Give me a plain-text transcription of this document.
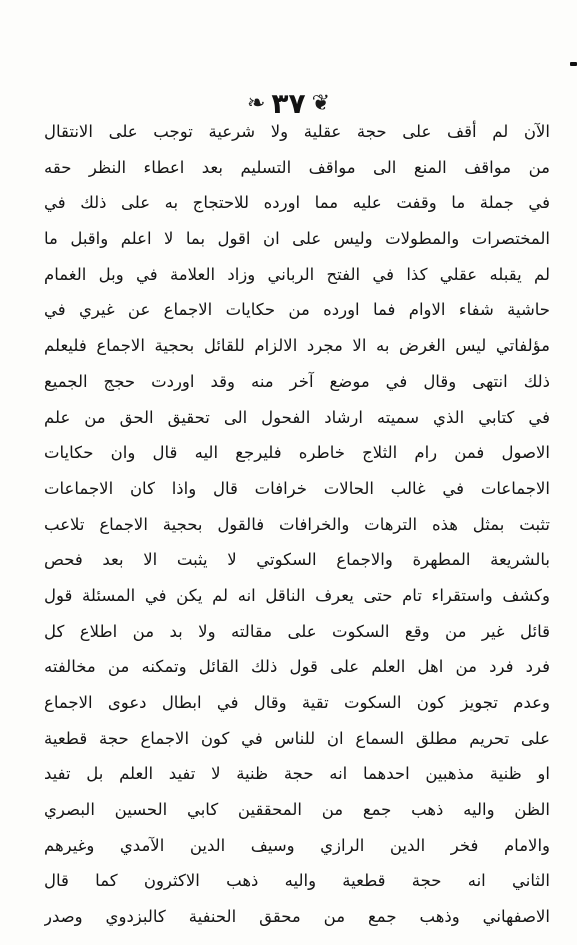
❦
٣٧
❧
الآن لم أقف على حجة عقلية ولا شرعية توجب على الانتقال
من مواقف المنع الى مواقف التسليم بعد اعطاء النظر حقه
في جملة ما وقفت عليه مما اورده للاحتجاج به على ذلك في
المختصرات والمطولات وليس على ان اقول بما لا اعلم واقبل ما
لم يقبله عقلي كذا في الفتح الرباني وزاد العلامة في وبل الغمام
حاشية شفاء الاوام فما اورده من حكايات الاجماع عن غيري في
مؤلفاتي ليس الغرض به الا مجرد الالزام للقائل بحجية الاجماع فليعلم
ذلك انتهى وقال في موضع آخر منه وقد اوردت حجج الجميع
في كتابي الذي سميته ارشاد الفحول الى تحقيق الحق من علم
الاصول فمن رام الثلاج خاطره فليرجع اليه قال وان حكايات
الاجماعات في غالب الحالات خرافات قال واذا كان الاجماعات
تثبت بمثل هذه الترهات والخرافات فالقول بحجية الاجماع تلاعب
بالشريعة المطهرة والاجماع السكوتي لا يثبت الا بعد فحص
وكشف واستقراء تام حتى يعرف الناقل انه لم يكن في المسئلة قول
قائل غير من وقع السكوت على مقالته ولا بد من اطلاع كل
فرد فرد من اهل العلم على قول ذلك القائل وتمكنه من مخالفته
وعدم تجويز كون السكوت تقية وقال في ابطال دعوى الاجماع
على تحريم مطلق السماع ان للناس في كون الاجماع حجة قطعية
او ظنية مذهبين احدهما انه حجة ظنية لا تفيد العلم بل تفيد
الظن واليه ذهب جمع من المحققين كابي الحسين البصري
والامام فخر الدين الرازي وسيف الدين الآمدي وغيرهم
الثاني انه حجة قطعية واليه ذهب الاكثرون كما قال
الاصفهاني وذهب جمع من محقق الحنفية كالبزدوي وصدر
